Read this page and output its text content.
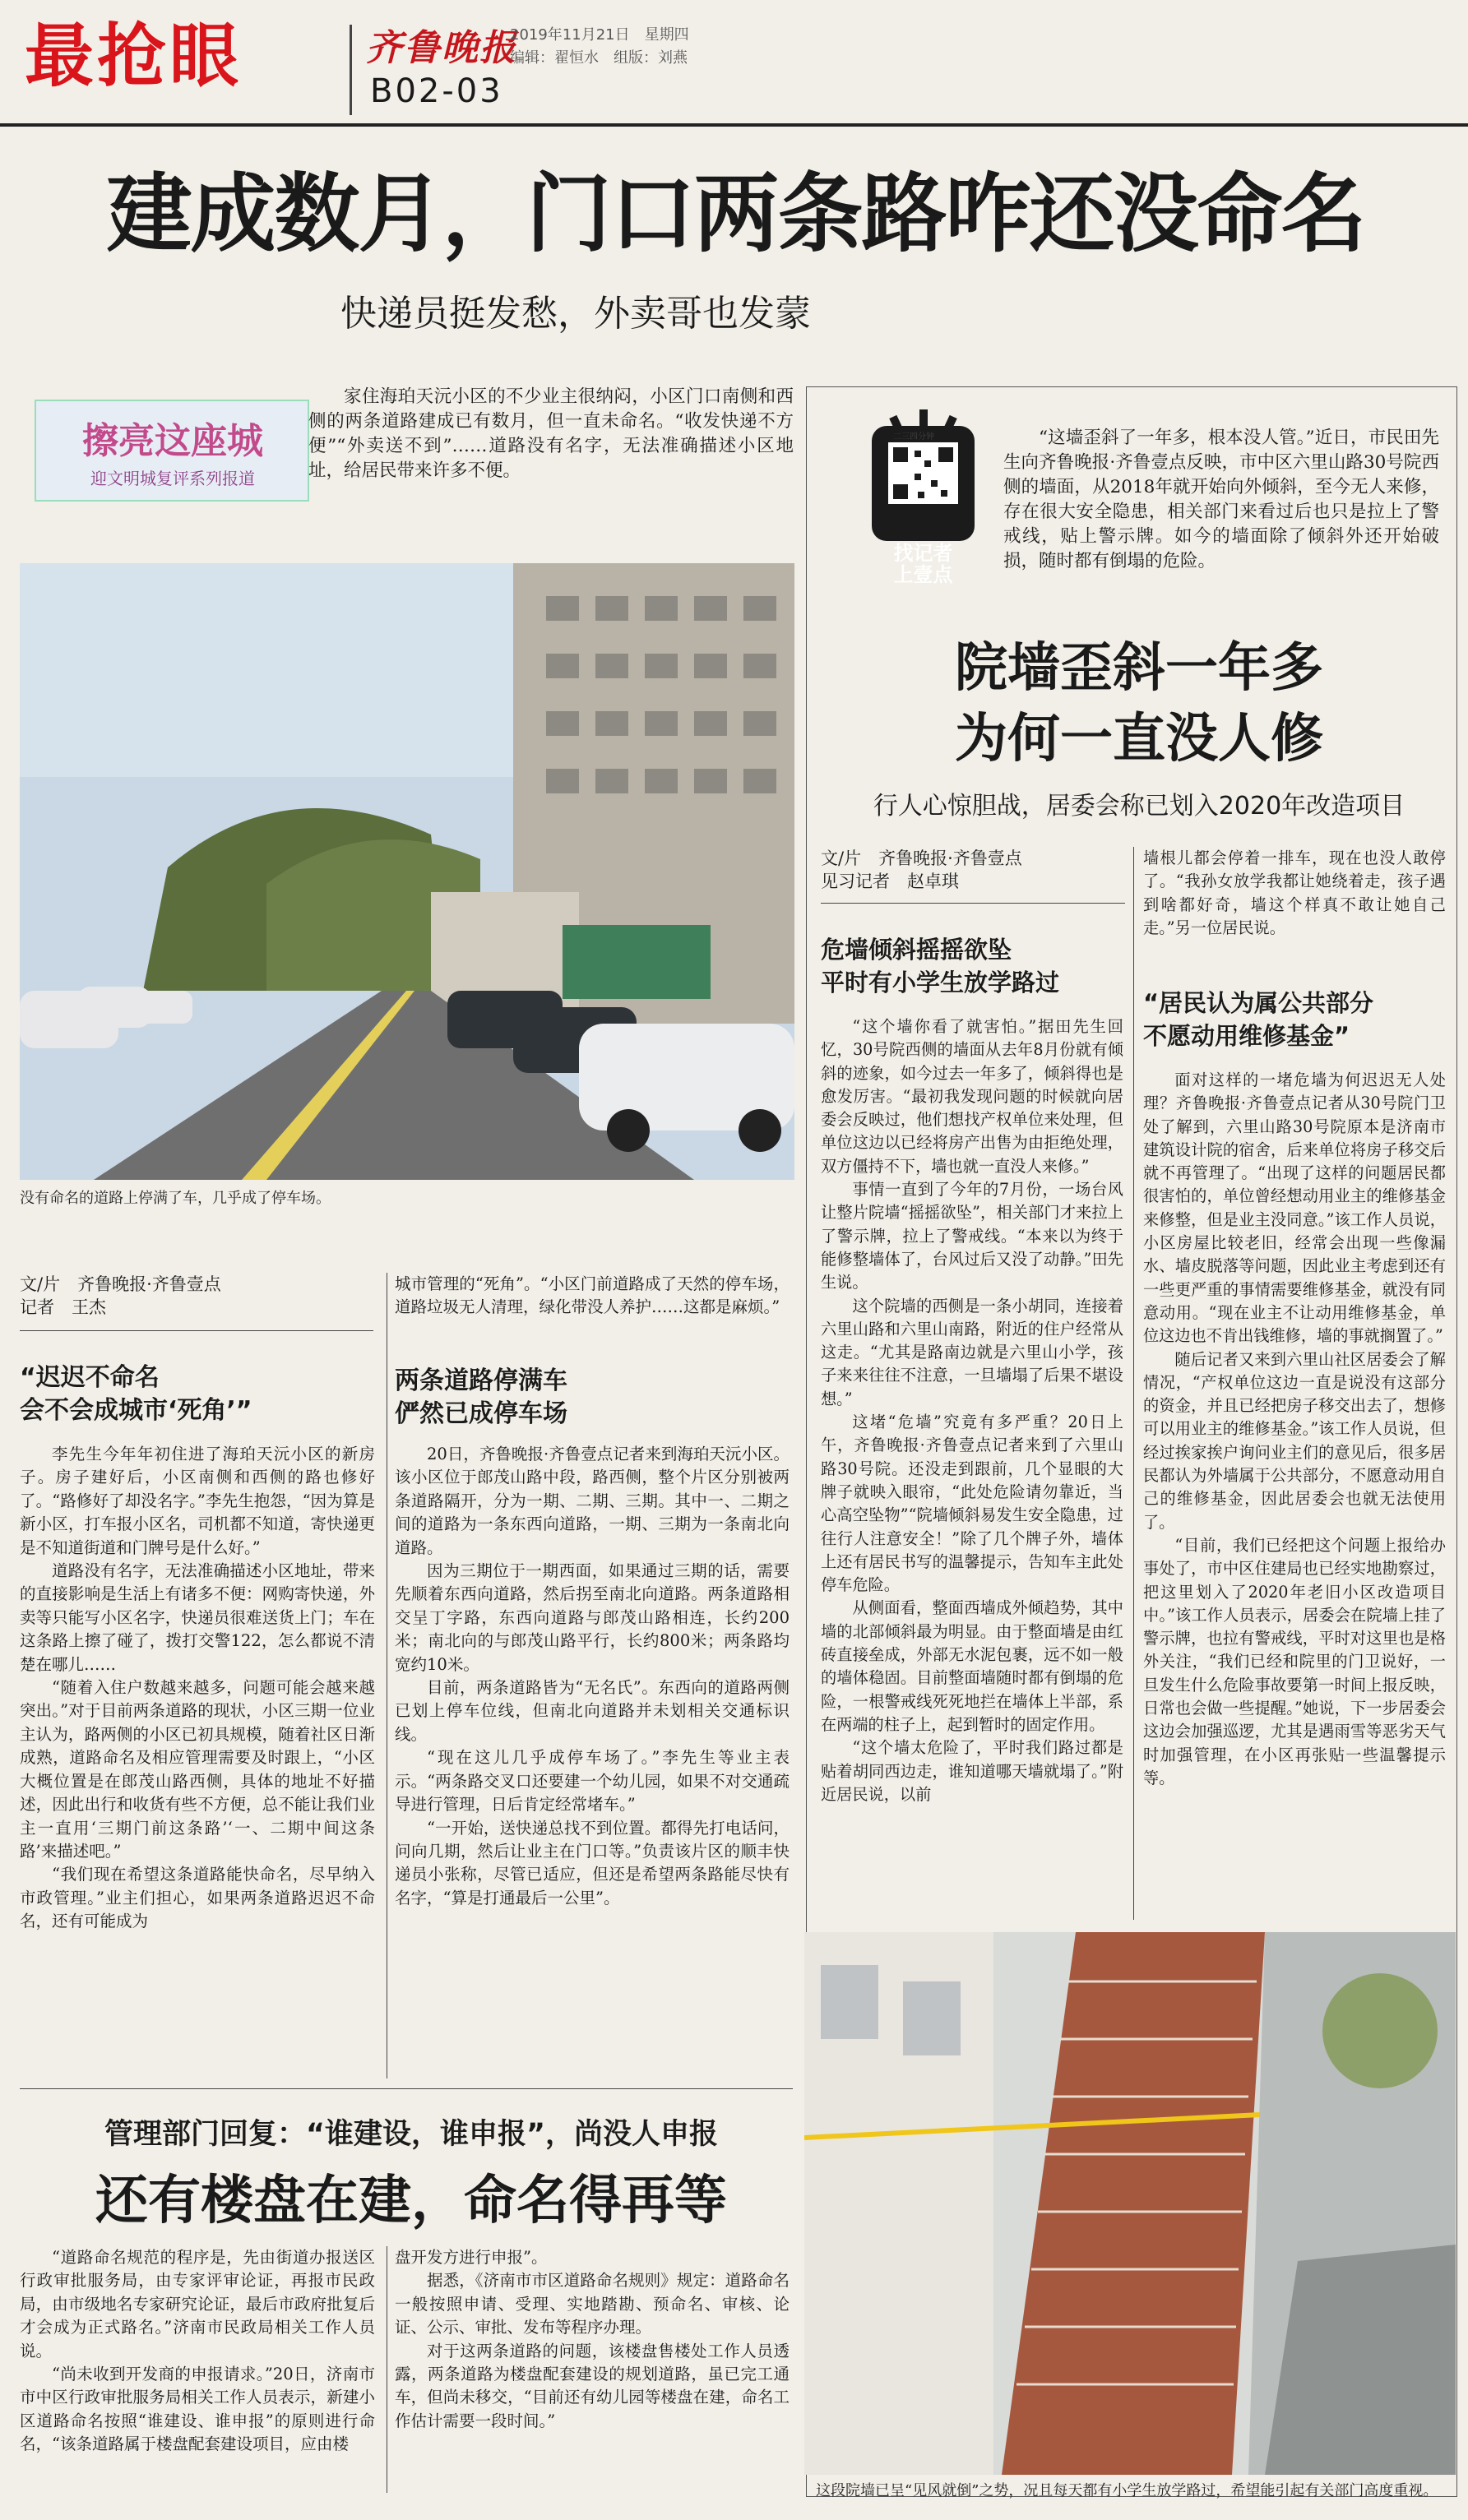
最抢眼	齐鲁晚报
B02-03
2019年11月21日　星期四
编辑：翟恒水　组版：刘燕
建成数月，门口两条路咋还没命名
快递员挺发愁，外卖哥也发蒙
擦亮这座城
迎文明城复评系列报道
家住海珀天沅小区的不少业主很纳闷，小区门口南侧和西侧的两条道路建成已有数月，但一直未命名。“收发快递不方便”“外卖送不到”……道路没有名字，无法准确描述小区地址，给居民带来许多不便。
没有命名的道路上停满了车，几乎成了停车场。
文/片　齐鲁晚报·齐鲁壹点
记者　王杰
“迟迟不命名
会不会成城市‘死角’”

李先生今年年初住进了海珀天沅小区的新房子。房子建好后，小区南侧和西侧的路也修好了。“路修好了却没名字。”李先生抱怨，“因为算是新小区，打车报小区名，司机都不知道，寄快递更是不知道街道和门牌号是什么好。”

道路没有名字，无法准确描述小区地址，带来的直接影响是生活上有诸多不便：网购寄快递，外卖等只能写小区名字，快递员很难送货上门；车在这条路上擦了碰了，拨打交警122，怎么都说不清楚在哪儿……

“随着入住户数越来越多，问题可能会越来越突出。”对于目前两条道路的现状，小区三期一位业主认为，路两侧的小区已初具规模，随着社区日渐成熟，道路命名及相应管理需要及时跟上，“小区大概位置是在郎茂山路西侧，具体的地址不好描述，因此出行和收货有些不方便，总不能让我们业主一直用‘三期门前这条路’‘一、二期中间这条路’来描述吧。”

“我们现在希望这条道路能快命名，尽早纳入市政管理。”业主们担心，如果两条道路迟迟不命名，还有可能成为

城市管理的“死角”。“小区门前道路成了天然的停车场，道路垃圾无人清理，绿化带没人养护……这都是麻烦。”

两条道路停满车
俨然已成停车场

20日，齐鲁晚报·齐鲁壹点记者来到海珀天沅小区。该小区位于郎茂山路中段，路西侧，整个片区分别被两条道路隔开，分为一期、二期、三期。其中一、二期之间的道路为一条东西向道路，一期、三期为一条南北向道路。

因为三期位于一期西面，如果通过三期的话，需要先顺着东西向道路，然后拐至南北向道路。两条道路相交呈丁字路，东西向道路与郎茂山路相连，长约200米；南北向的与郎茂山路平行，长约800米；两条路均宽约10米。

目前，两条道路皆为“无名氏”。东西向的道路两侧已划上停车位线，但南北向道路并未划相关交通标识线。

“现在这儿几乎成停车场了。”李先生等业主表示。“两条路交叉口还要建一个幼儿园，如果不对交通疏导进行管理，日后肯定经常堵车。”

“一开始，送快递总找不到位置。都得先打电话问，问向几期，然后让业主在门口等。”负责该片区的顺丰快递员小张称，尽管已适应，但还是希望两条路能尽快有名字，“算是打通最后一公里”。

管理部门回复：“谁建设，谁申报”，尚没人申报
还有楼盘在建，命名得再等

“道路命名规范的程序是，先由街道办报送区行政审批服务局，由专家评审论证，再报市民政局，由市级地名专家研究论证，最后市政府批复后才会成为正式路名。”济南市民政局相关工作人员说。

“尚未收到开发商的申报请求。”20日，济南市市中区行政审批服务局相关工作人员表示，新建小区道路命名按照“谁建设、谁申报”的原则进行命名，“该条道路属于楼盘配套建设项目，应由楼

盘开发方进行申报”。

据悉，《济南市市区道路命名规则》规定：道路命名一般按照申请、受理、实地踏勘、预命名、审核、论证、公示、审批、发布等程序办理。

对于这两条道路的问题，该楼盘售楼处工作人员透露，两条道路为楼盘配套建设的规划道路，虽已完工通车，但尚未移交，“目前还有幼儿园等楼盘在建，命名工作估计需要一段时间。”

二三四分钟
找记者
上壹点
“这墙歪斜了一年多，根本没人管。”近日，市民田先生向齐鲁晚报·齐鲁壹点反映，市中区六里山路30号院西侧的墙面，从2018年就开始向外倾斜，至今无人来修，存在很大安全隐患，相关部门来看过后也只是拉上了警戒线，贴上警示牌。如今的墙面除了倾斜外还开始破损，随时都有倒塌的危险。
院墙歪斜一年多
为何一直没人修
行人心惊胆战，居委会称已划入2020年改造项目
文/片　齐鲁晚报·齐鲁壹点
见习记者　赵卓琪
危墙倾斜摇摇欲坠
平时有小学生放学路过

“这个墙你看了就害怕。”据田先生回忆，30号院西侧的墙面从去年8月份就有倾斜的迹象，如今过去一年多了，倾斜得也是愈发厉害。“最初我发现问题的时候就向居委会反映过，他们想找产权单位来处理，但单位这边以已经将房产出售为由拒绝处理，双方僵持不下，墙也就一直没人来修。”

事情一直到了今年的7月份，一场台风让整片院墙“摇摇欲坠”，相关部门才来拉上了警示牌，拉上了警戒线。“本来以为终于能修整墙体了，台风过后又没了动静。”田先生说。

这个院墙的西侧是一条小胡同，连接着六里山路和六里山南路，附近的住户经常从这走。“尤其是路南边就是六里山小学，孩子来来往往不注意，一旦墙塌了后果不堪设想。”

这堵“危墙”究竟有多严重？20日上午，齐鲁晚报·齐鲁壹点记者来到了六里山路30号院。还没走到跟前，几个显眼的大牌子就映入眼帘，“此处危险请勿靠近，当心高空坠物”“院墙倾斜易发生安全隐患，过往行人注意安全！”除了几个牌子外，墙体上还有居民书写的温馨提示，告知车主此处停车危险。

从侧面看，整面西墙成外倾趋势，其中墙的北部倾斜最为明显。由于整面墙是由红砖直接垒成，外部无水泥包裹，远不如一般的墙体稳固。目前整面墙随时都有倒塌的危险，一根警戒线死死地拦在墙体上半部，系在两端的柱子上，起到暂时的固定作用。

“这个墙太危险了，平时我们路过都是贴着胡同西边走，谁知道哪天墙就塌了。”附近居民说，以前

墙根儿都会停着一排车，现在也没人敢停了。“我孙女放学我都让她绕着走，孩子遇到啥都好奇，墙这个样真不敢让她自己走。”另一位居民说。

“居民认为属公共部分
不愿动用维修基金”

面对这样的一堵危墙为何迟迟无人处理？齐鲁晚报·齐鲁壹点记者从30号院门卫处了解到，六里山路30号院原本是济南市建筑设计院的宿舍，后来单位将房子移交后就不再管理了。“出现了这样的问题居民都很害怕的，单位曾经想动用业主的维修基金来修整，但是业主没同意。”该工作人员说，小区房屋比较老旧，经常会出现一些像漏水、墙皮脱落等问题，因此业主考虑到还有一些更严重的事情需要维修基金，就没有同意动用。“现在业主不让动用维修基金，单位这边也不肯出钱维修，墙的事就搁置了。”

随后记者又来到六里山社区居委会了解情况，“产权单位这边一直是说没有这部分的资金，并且已经把房子移交出去了，想修可以用业主的维修基金。”该工作人员说，但经过挨家挨户询问业主们的意见后，很多居民都认为外墙属于公共部分，不愿意动用自己的维修基金，因此居委会也就无法使用了。

“目前，我们已经把这个问题上报给办事处了，市中区住建局也已经实地勘察过，把这里划入了2020年老旧小区改造项目中。”该工作人员表示，居委会在院墙上挂了警示牌，也拉有警戒线，平时对这里也是格外关注，“我们已经和院里的门卫说好，一旦发生什么危险事故要第一时间上报反映，日常也会做一些提醒。”她说，下一步居委会这边会加强巡逻，尤其是遇雨雪等恶劣天气时加强管理，在小区再张贴一些温馨提示等。

这段院墙已呈“见风就倒”之势，况且每天都有小学生放学路过，希望能引起有关部门高度重视。
